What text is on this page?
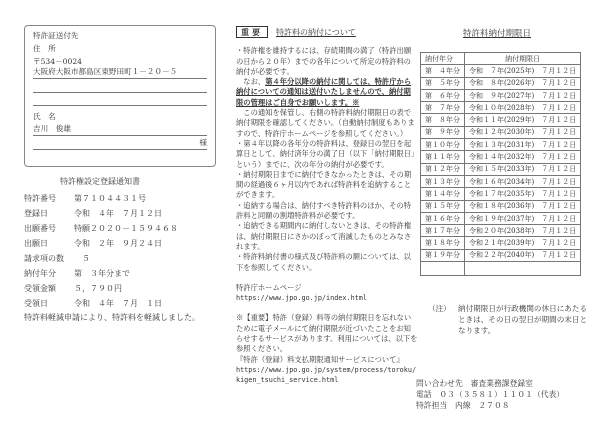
特許証送付先
住　所
〒534－0024
大阪府大阪市都島区東野田町１－２０－５
氏　名
吉川　俊雄
様
特許権設定登録通知書
特許番号 第７１０４４３１号
登録日	令和　４年　７月１２日
出願番号 特願２０２０－１５９４６８
出願日	令和　２年　９月２４日
請求項の数　５
納付年分 第　３年分まで
受領金額 ５，７９０円
受領日	令和　４年　７月　１日
特許料軽減申請により、特許料を軽減しました。
重要 特許料の納付について

・特許権を維持するには、存続期間の満了（特許出願の日から２０年）までの各年について所定の特許料の納付が必要です。

　なお、第４年分以降の納付に関しては、特許庁から納付についての通知は送付いたしませんので、納付期限の管理はご自身でお願いします。※

　この通知を保管し、右側の特許料納付期限日の表で納付期限を確認してください。（自動納付制度もありますので、特許庁ホームページを参照してください。）

・第４年以降の各年分の特許料は、登録日の翌日を起算日として、納付済年分の満了日（以下「納付期限日」という）までに、次の年分の納付が必要です。

・納付期限日までに納付できなかったときは、その期間の経過後６ヶ月以内であれば特許料を追納することができます。

・追納する場合は、納付すべき特許料のほか、その特許料と同額の割増特許料が必要です。

・追納できる期間内に納付しないときは、その特許権は、納付期限日にさかのぼって消滅したものとみなされます。

・特許料納付書の様式及び特許料の額については、以下を参照してください。

特許庁ホームページ

https://www.jpo.go.jp/index.html

※【重要】特許（登録）料等の納付期限日を忘れないために電子メールにて納付期限が近づいたことをお知らせするサービスがあります。利用については、以下を参照ください。

『特許（登録）料支払期限通知サービスについて』

https://www.jpo.go.jp/system/process/toroku/kigen_tsuchi_service.html

特許料納付期限日
納付年分	納付期限日
第　４年分	令和　７年(2025年)　７月１２日
第　５年分	令和　８年(2026年)　７月１２日
第　６年分	令和　９年(2027年)　７月１２日
第　７年分	令和１０年(2028年)　７月１２日
第　８年分	令和１１年(2029年)　７月１２日
第　９年分	令和１２年(2030年)　７月１２日
第１０年分	令和１３年(2031年)　７月１２日
第１１年分	令和１４年(2032年)　７月１２日
第１２年分	令和１５年(2033年)　７月１２日
第１３年分	令和１６年(2034年)　７月１２日
第１４年分	令和１７年(2035年)　７月１２日
第１５年分	令和１８年(2036年)　７月１２日
第１６年分	令和１９年(2037年)　７月１２日
第１７年分	令和２０年(2038年)　７月１２日
第１８年分	令和２１年(2039年)　７月１２日
第１９年分	令和２２年(2040年)　７月１２日

（注） 納付期限日が行政機関の休日にあたるときは、その日の翌日が期間の末日となります。
問い合わせ先　審査業務課登録室
電話　０３（３５８１）１１０１（代表）
特許担当　内線　２７０８
